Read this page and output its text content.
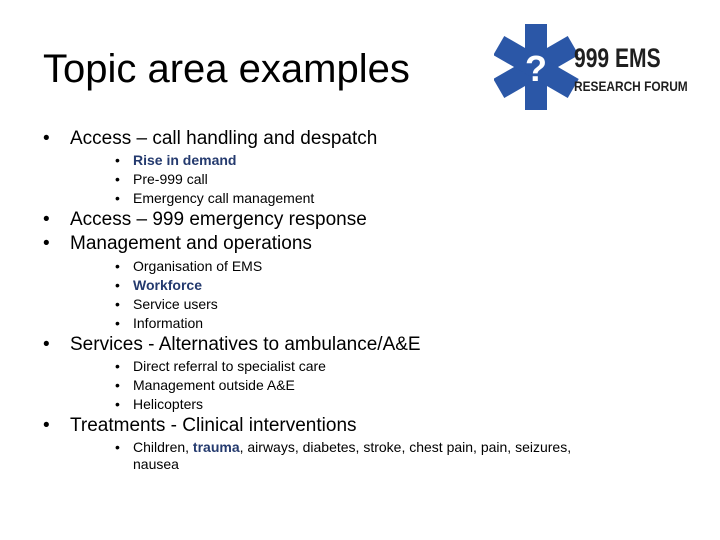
Topic area examples	? 999 EMS
RESEARCH FORUM
• Access – call handling and despatch
• Rise in demand
• Pre-999 call
• Emergency call management
• Access – 999 emergency response
• Management and operations
• Organisation of EMS
• Workforce
• Service users
• Information
• Services - Alternatives to ambulance/A&E
• Direct referral to specialist care
• Management outside A&E
• Helicopters
• Treatments - Clinical interventions
• Children, trauma, airways, diabetes, stroke, chest pain, pain, seizures,
nausea
